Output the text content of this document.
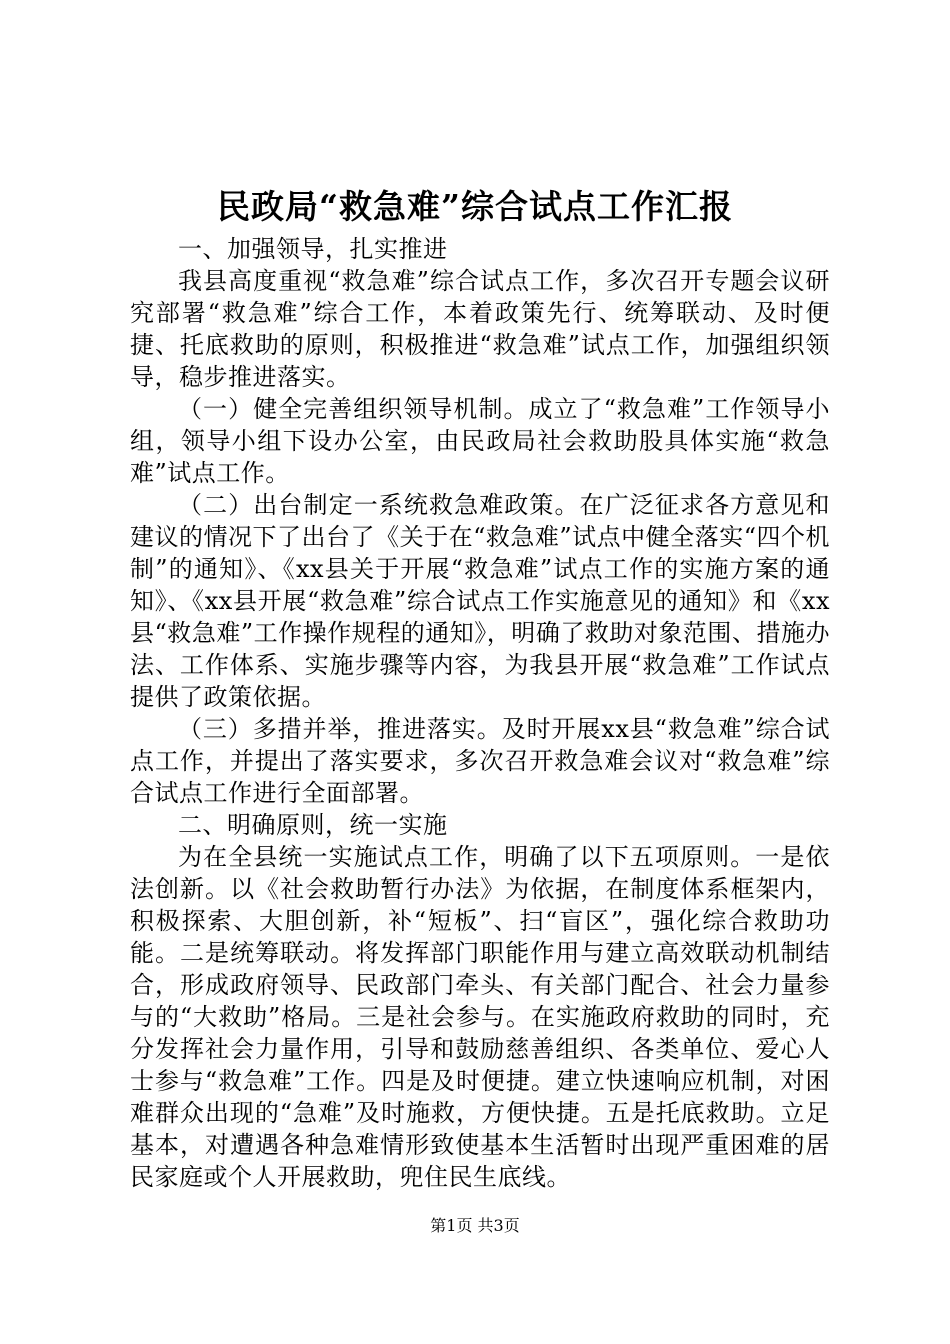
民政局“救急难”综合试点工作汇报

一、加强领导，扎实推进

我县高度重视“救急难”综合试点工作，多次召开专题会议研究部署“救急难”综合工作，本着政策先行、统筹联动、及时便捷、托底救助的原则，积极推进“救急难”试点工作，加强组织领导，稳步推进落实。

（一）健全完善组织领导机制。成立了“救急难”工作领导小组，领导小组下设办公室，由民政局社会救助股具体实施“救急难”试点工作。

（二）出台制定一系统救急难政策。在广泛征求各方意见和建议的情况下了出台了《关于在“救急难”试点中健全落实“四个机制”的通知》、《xx县关于开展“救急难”试点工作的实施方案的通知》、《xx县开展“救急难”综合试点工作实施意见的通知》和《xx县“救急难”工作操作规程的通知》，明确了救助对象范围、措施办法、工作体系、实施步骤等内容，为我县开展“救急难”工作试点提供了政策依据。

（三）多措并举，推进落实。及时开展xx县“救急难”综合试点工作，并提出了落实要求，多次召开救急难会议对“救急难”综合试点工作进行全面部署。

二、明确原则，统一实施

为在全县统一实施试点工作，明确了以下五项原则。一是依法创新。以《社会救助暂行办法》为依据，在制度体系框架内，积极探索、大胆创新，补“短板”、扫“盲区”，强化综合救助功能。二是统筹联动。将发挥部门职能作用与建立高效联动机制结合，形成政府领导、民政部门牵头、有关部门配合、社会力量参与的“大救助”格局。三是社会参与。在实施政府救助的同时，充分发挥社会力量作用，引导和鼓励慈善组织、各类单位、爱心人士参与“救急难”工作。四是及时便捷。建立快速响应机制，对困难群众出现的“急难”及时施救，方便快捷。五是托底救助。立足基本，对遭遇各种急难情形致使基本生活暂时出现严重困难的居民家庭或个人开展救助，兜住民生底线。

第1页 共3页
